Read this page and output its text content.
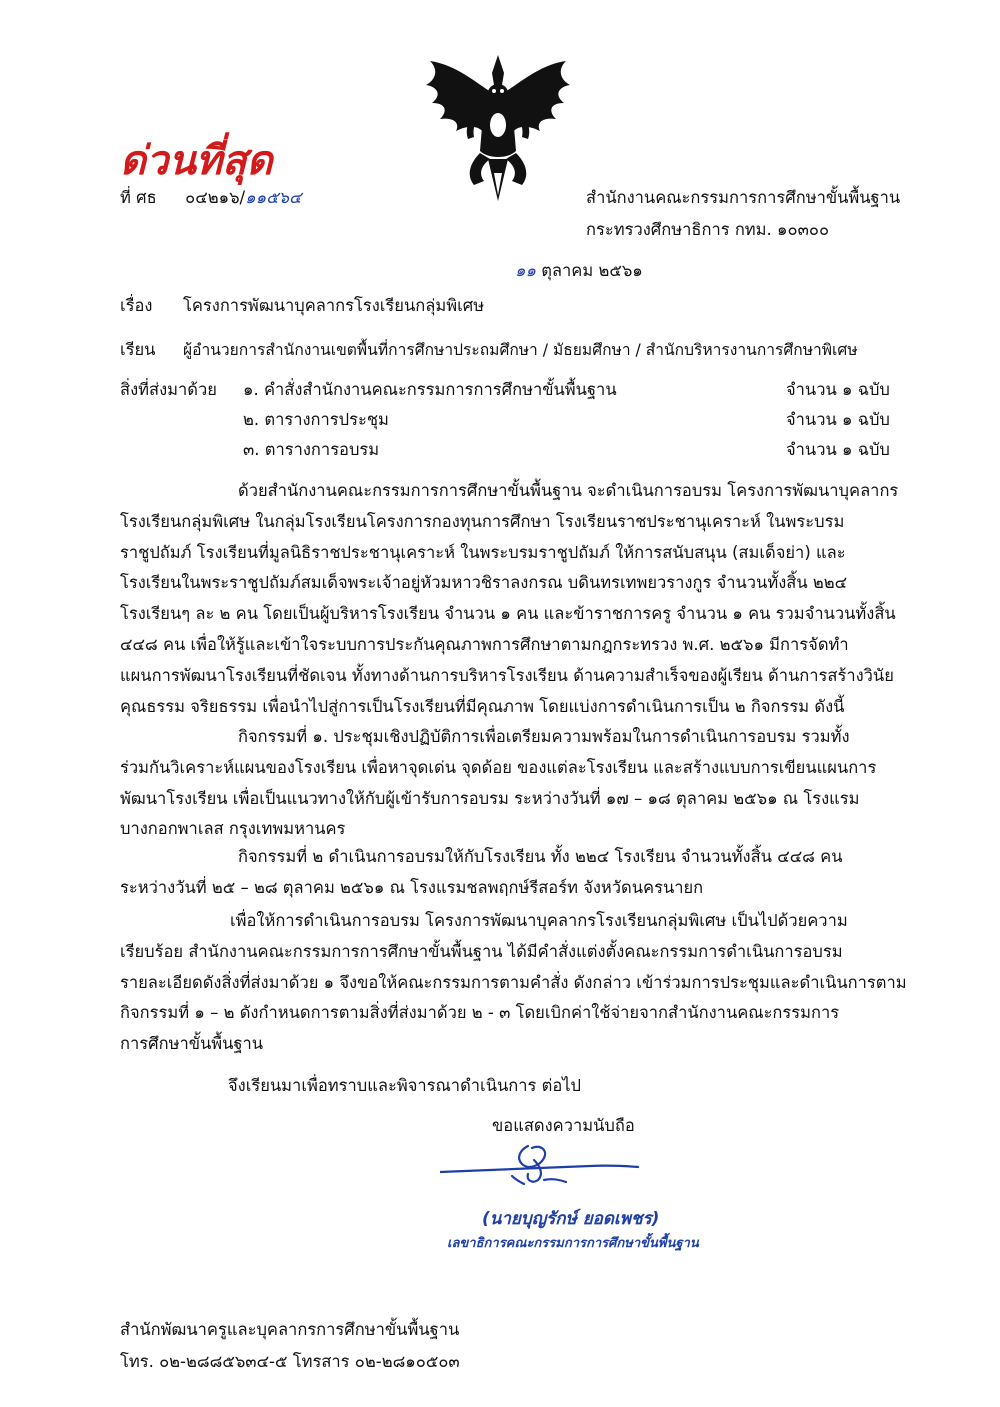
ด่วนที่สุด
ที่ ศธ ๐๔๒๑๖/๑๑๕๖๔	สำนักงานคณะกรรมการการศึกษาขั้นพื้นฐาน
กระทรวงศึกษาธิการ กทม. ๑๐๓๐๐
๑๑ ตุลาคม ๒๕๖๑
เรื่อง โครงการพัฒนาบุคลากรโรงเรียนกลุ่มพิเศษ
เรียน ผู้อำนวยการสำนักงานเขตพื้นที่การศึกษาประถมศึกษา / มัธยมศึกษา / สำนักบริหารงานการศึกษาพิเศษ
สิ่งที่ส่งมาด้วย ๑. คำสั่งสำนักงานคณะกรรมการการศึกษาขั้นพื้นฐาน	จำนวน ๑ ฉบับ
๒. ตารางการประชุม	จำนวน ๑ ฉบับ
๓. ตารางการอบรม	จำนวน ๑ ฉบับ
ด้วยสำนักงานคณะกรรมการการศึกษาขั้นพื้นฐาน จะดำเนินการอบรม โครงการพัฒนาบุคลากร
โรงเรียนกลุ่มพิเศษ ในกลุ่มโรงเรียนโครงการกองทุนการศึกษา โรงเรียนราชประชานุเคราะห์ ในพระบรม
ราชูปถัมภ์ โรงเรียนที่มูลนิธิราชประชานุเคราะห์ ในพระบรมราชูปถัมภ์ ให้การสนับสนุน (สมเด็จย่า) และ
โรงเรียนในพระราชูปถัมภ์สมเด็จพระเจ้าอยู่หัวมหาวชิราลงกรณ บดินทรเทพยวรางกูร จำนวนทั้งสิ้น ๒๒๔
โรงเรียนๆ ละ ๒ คน โดยเป็นผู้บริหารโรงเรียน จำนวน ๑ คน และข้าราชการครู จำนวน ๑ คน รวมจำนวนทั้งสิ้น
๔๔๘ คน เพื่อให้รู้และเข้าใจระบบการประกันคุณภาพการศึกษาตามกฎกระทรวง พ.ศ. ๒๕๖๑ มีการจัดทำ
แผนการพัฒนาโรงเรียนที่ชัดเจน ทั้งทางด้านการบริหารโรงเรียน ด้านความสำเร็จของผู้เรียน ด้านการสร้างวินัย
คุณธรรม จริยธรรม เพื่อนำไปสู่การเป็นโรงเรียนที่มีคุณภาพ โดยแบ่งการดำเนินการเป็น ๒ กิจกรรม ดังนี้
กิจกรรมที่ ๑. ประชุมเชิงปฏิบัติการเพื่อเตรียมความพร้อมในการดำเนินการอบรม รวมทั้ง
ร่วมกันวิเคราะห์แผนของโรงเรียน เพื่อหาจุดเด่น จุดด้อย ของแต่ละโรงเรียน และสร้างแบบการเขียนแผนการ
พัฒนาโรงเรียน เพื่อเป็นแนวทางให้กับผู้เข้ารับการอบรม ระหว่างวันที่ ๑๗ – ๑๘ ตุลาคม ๒๕๖๑ ณ โรงแรม
บางกอกพาเลส กรุงเทพมหานคร
กิจกรรมที่ ๒ ดำเนินการอบรมให้กับโรงเรียน ทั้ง ๒๒๔ โรงเรียน จำนวนทั้งสิ้น ๔๔๘ คน
ระหว่างวันที่ ๒๕ – ๒๘ ตุลาคม ๒๕๖๑ ณ โรงแรมชลพฤกษ์รีสอร์ท จังหวัดนครนายก
เพื่อให้การดำเนินการอบรม โครงการพัฒนาบุคลากรโรงเรียนกลุ่มพิเศษ เป็นไปด้วยความ
เรียบร้อย สำนักงานคณะกรรมการการศึกษาขั้นพื้นฐาน ได้มีคำสั่งแต่งตั้งคณะกรรมการดำเนินการอบรม
รายละเอียดดังสิ่งที่ส่งมาด้วย ๑ จึงขอให้คณะกรรมการตามคำสั่ง ดังกล่าว เข้าร่วมการประชุมและดำเนินการตาม
กิจกรรมที่ ๑ – ๒ ดังกำหนดการตามสิ่งที่ส่งมาด้วย ๒ - ๓ โดยเบิกค่าใช้จ่ายจากสำนักงานคณะกรรมการ
การศึกษาขั้นพื้นฐาน
จึงเรียนมาเพื่อทราบและพิจารณาดำเนินการ ต่อไป
ขอแสดงความนับถือ
(นายบุญรักษ์ ยอดเพชร)
เลขาธิการคณะกรรมการการศึกษาขั้นพื้นฐาน
สำนักพัฒนาครูและบุคลากรการศึกษาขั้นพื้นฐาน
โทร. ๐๒-๒๘๘๕๖๓๔-๕ โทรสาร ๐๒-๒๘๑๐๕๐๓
